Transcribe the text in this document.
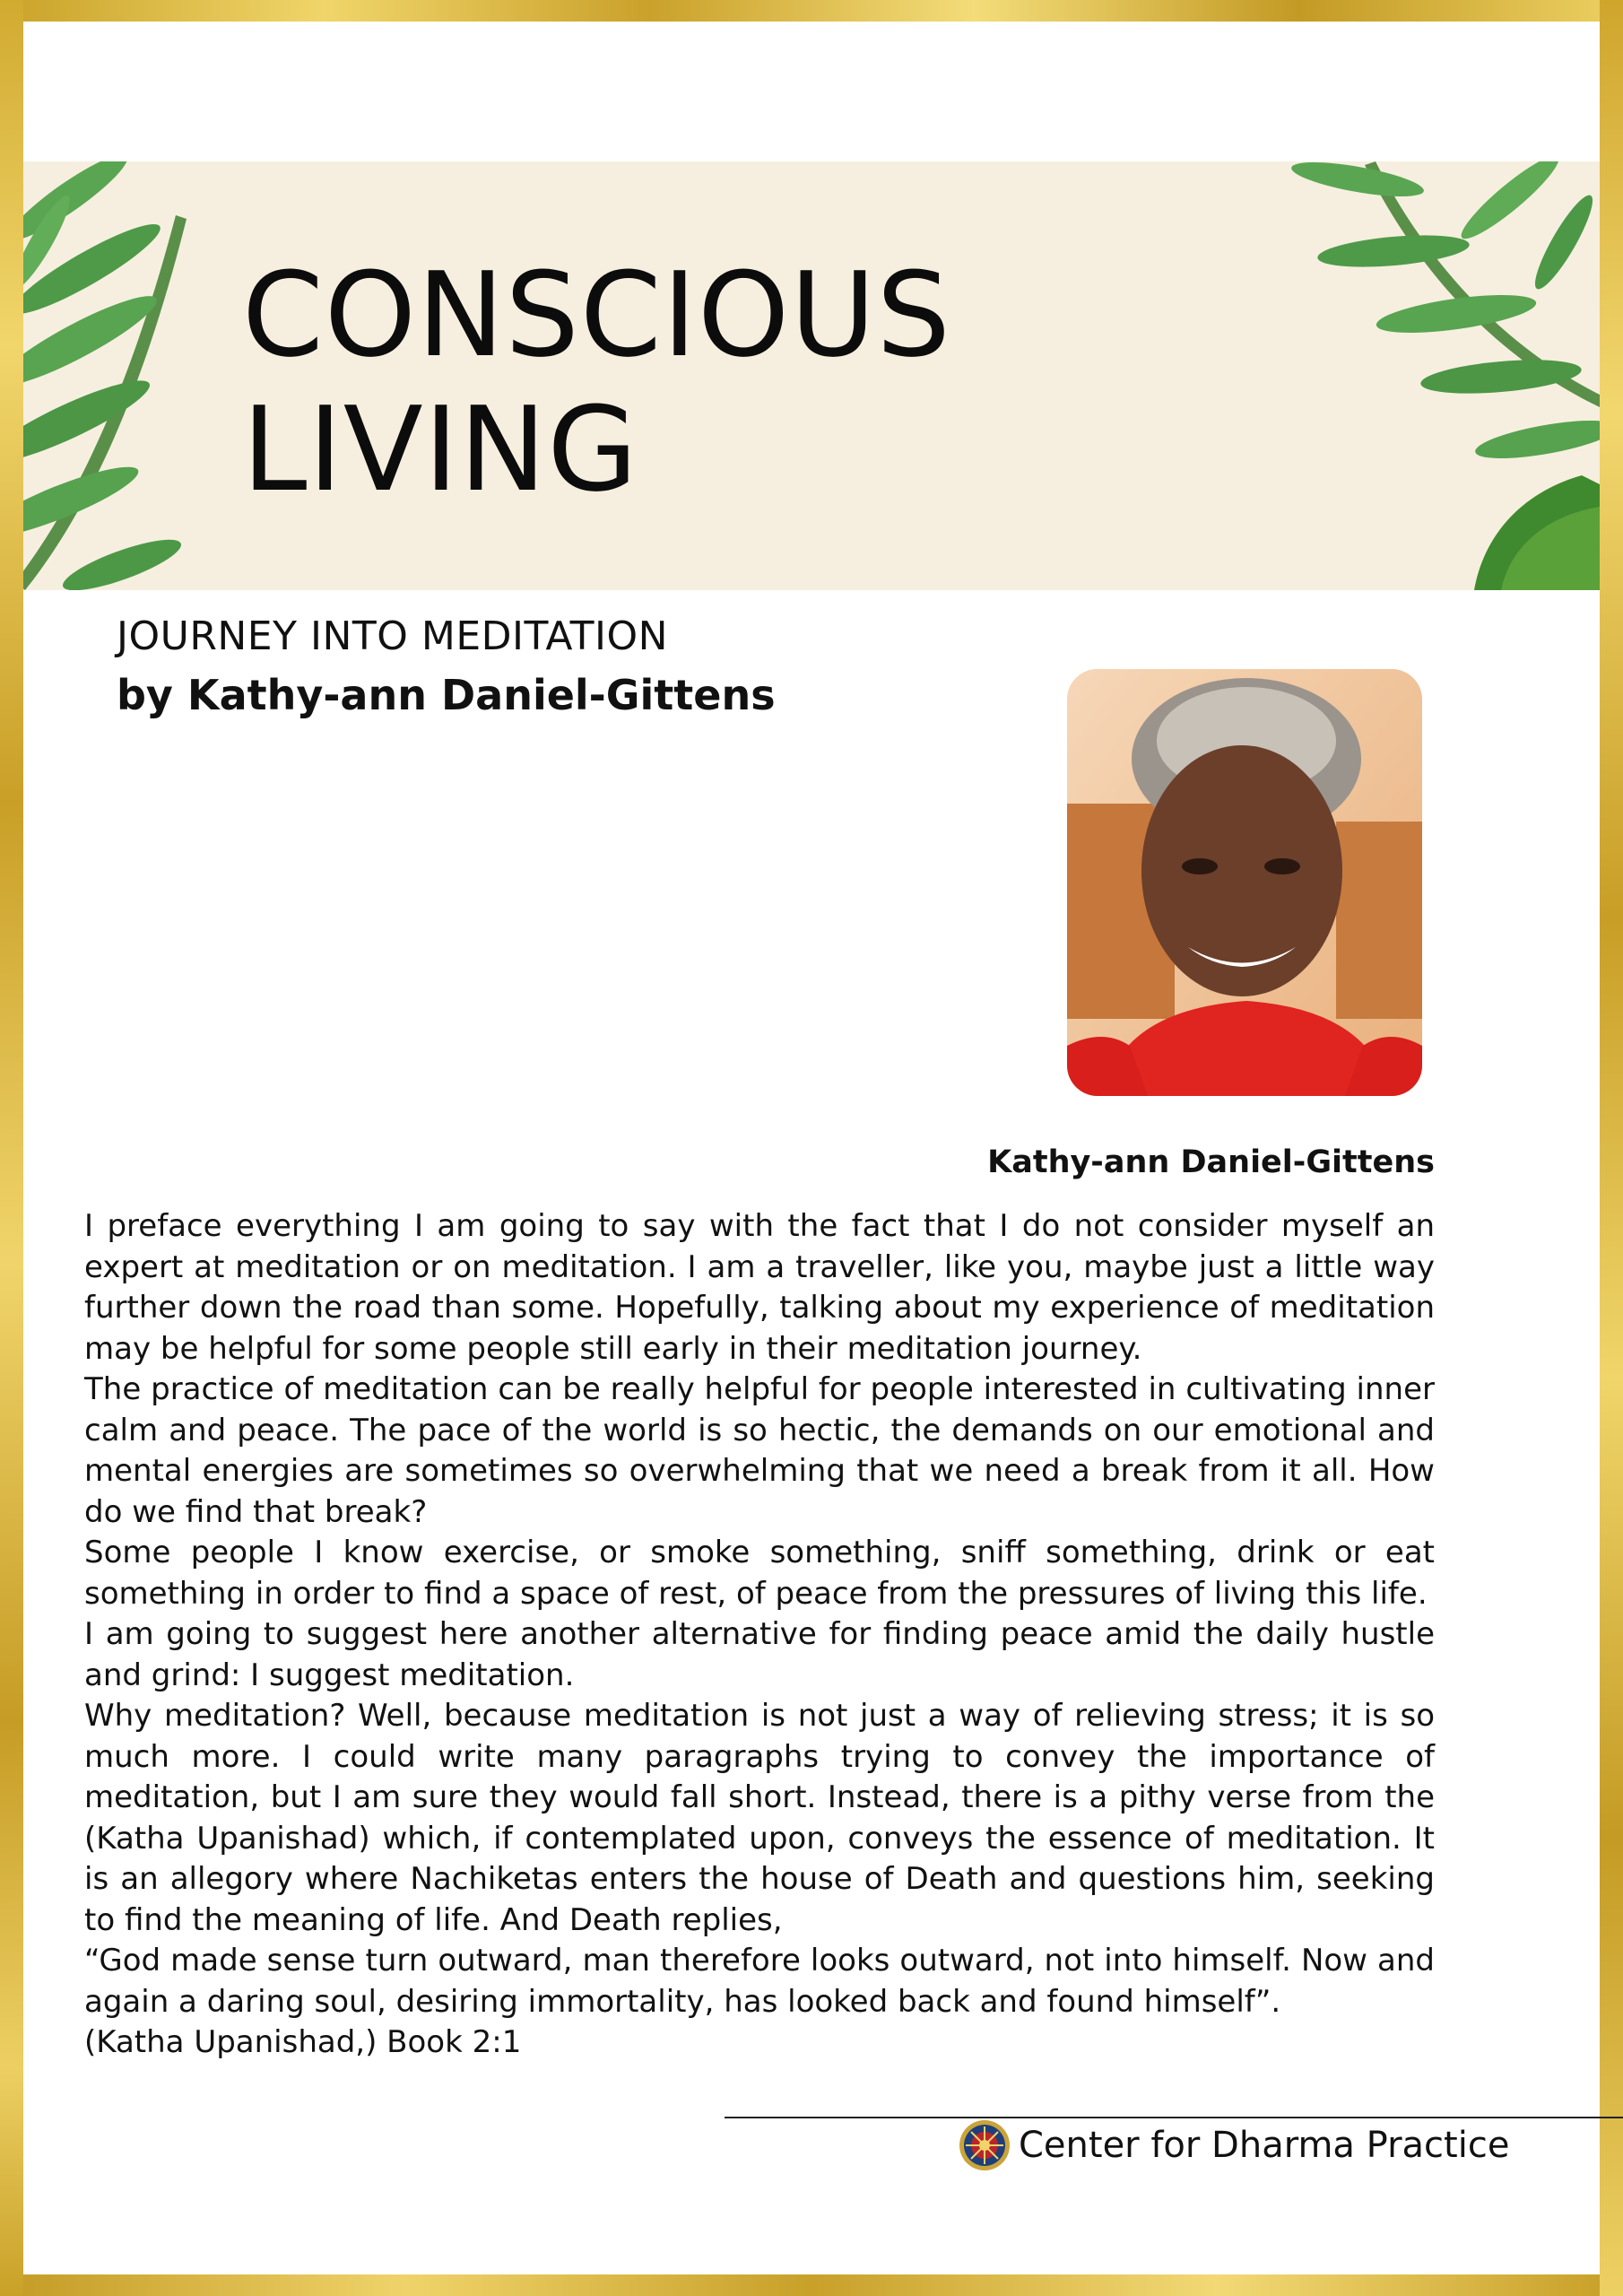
CONSCIOUS
LIVING
JOURNEY INTO MEDITATION
by Kathy-ann Daniel-Gittens
Kathy-ann Daniel-Gittens

I preface everything I am going to say with the fact that I do not consider myself an expert at meditation or on meditation. I am a traveller, like you, maybe just a little way further down the road than some. Hopefully, talking about my experience of meditation may be helpful for some people still early in their meditation journey.

The practice of meditation can be really helpful for people interested in cultivating inner calm and peace. The pace of the world is so hectic, the demands on our emotional and mental energies are sometimes so overwhelming that we need a break from it all. How do we find that break?

Some people I know exercise, or smoke something, sniff something, drink or eat something in order to find a space of rest, of peace from the pressures of living this life.

I am going to suggest here another alternative for finding peace amid the daily hustle and grind: I suggest meditation.

Why meditation? Well, because meditation is not just a way of relieving stress; it is so much more. I could write many paragraphs trying to convey the importance of meditation, but I am sure they would fall short. Instead, there is a pithy verse from the (Katha Upanishad) which, if contemplated upon, conveys the essence of meditation. It is an allegory where Nachiketas enters the house of Death and questions him, seeking to find the meaning of life. And Death replies,

“God made sense turn outward, man therefore looks outward, not into himself. Now and again a daring soul, desiring immortality, has looked back and found himself”.

(Katha Upanishad,) Book 2:1

Center for Dharma Practice
